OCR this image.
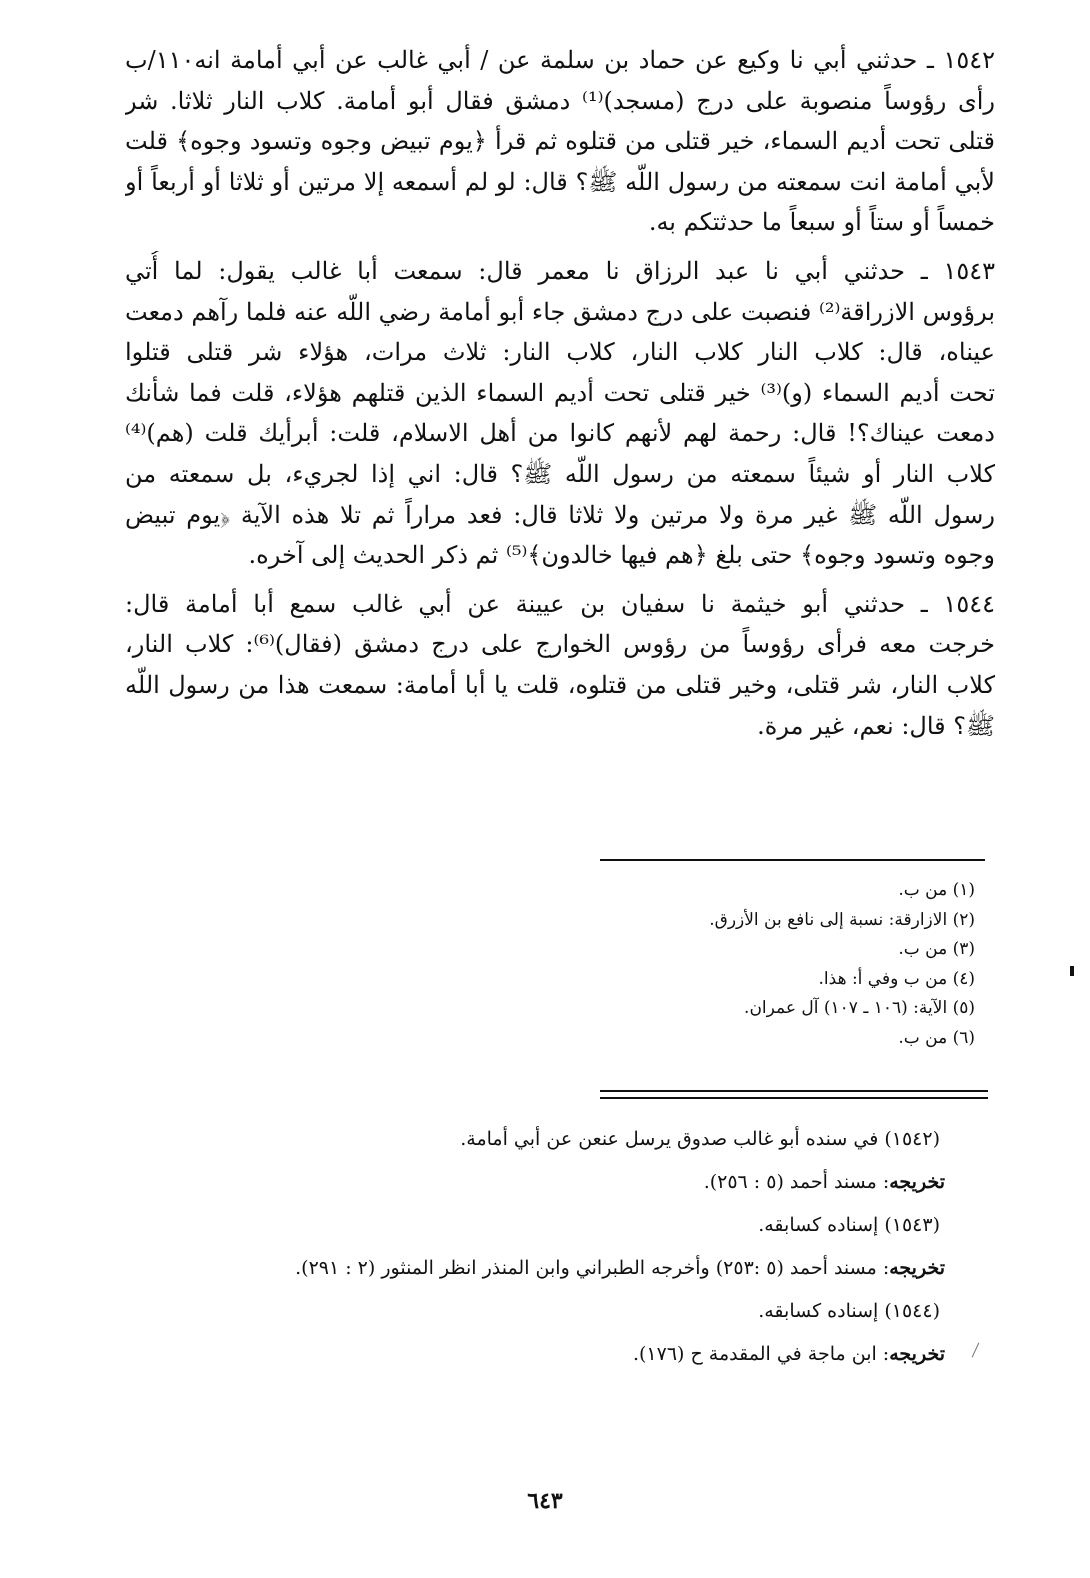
١٥٤٢ ـ حدثني أبي نا وكيع عن حماد بن سلمة عن / أبي غالب عن أبي أمامة انه١١٠/ب
رأى رؤوساً منصوبة على درج (مسجد)⁽¹⁾ دمشق فقال أبو أمامة. كلاب النار ثلاثا. شر
قتلى تحت أديم السماء، خير قتلى من قتلوه ثم قرأ ﴿يوم تبيض وجوه وتسود وجوه﴾ قلت
لأبي أمامة انت سمعته من رسول اللّه ﷺ؟ قال: لو لم أسمعه إلا مرتين أو ثلاثا أو أربعاً أو
خمساً أو ستاً أو سبعاً ما حدثتكم به.
١٥٤٣ ـ حدثني أبي نا عبد الرزاق نا معمر قال: سمعت أبا غالب يقول: لما أُتي
برؤوس الازراقة⁽²⁾ فنصبت على درج دمشق جاء أبو أمامة رضي اللّه عنه فلما رآهم دمعت
عيناه، قال: كلاب النار كلاب النار، كلاب النار: ثلاث مرات، هؤلاء شر قتلى قتلوا
تحت أديم السماء (و)⁽³⁾ خير قتلى تحت أديم السماء الذين قتلهم هؤلاء، قلت فما شأنك
دمعت عيناك؟! قال: رحمة لهم لأنهم كانوا من أهل الاسلام، قلت: أبرأيك قلت (هم)⁽⁴⁾
كلاب النار أو شيئاً سمعته من رسول اللّه ﷺ؟ قال: اني إذا لجريء، بل سمعته من
رسول اللّه ﷺ غير مرة ولا مرتين ولا ثلاثا قال: فعد مراراً ثم تلا هذه الآية ﴿يوم تبيض
وجوه وتسود وجوه﴾ حتى بلغ ﴿هم فيها خالدون﴾⁽⁵⁾ ثم ذكر الحديث إلى آخره.
١٥٤٤ ـ حدثني أبو خيثمة نا سفيان بن عيينة عن أبي غالب سمع أبا أمامة قال:
خرجت معه فرأى رؤوساً من رؤوس الخوارج على درج دمشق (فقال)⁽⁶⁾: كلاب النار،
كلاب النار، شر قتلى، وخير قتلى من قتلوه، قلت يا أبا أمامة: سمعت هذا من رسول اللّه
ﷺ؟ قال: نعم، غير مرة.
(١) من ب.
(٢) الازارقة: نسبة إلى نافع بن الأزرق.
(٣) من ب.
(٤) من ب وفي أ: هذا.
(٥) الآية: (١٠٦ ـ ١٠٧) آل عمران.
(٦) من ب.
(١٥٤٢) في سنده أبو غالب صدوق يرسل عنعن عن أبي أمامة.
تخريجه: مسند أحمد (٥ : ٢٥٦).
(١٥٤٣) إسناده كسابقه.
تخريجه: مسند أحمد (٥ :٢٥٣) وأخرجه الطبراني وابن المنذر انظر المنثور (٢ : ٢٩١).
(١٥٤٤) إسناده كسابقه.
تخريجه: ابن ماجة في المقدمة ح (١٧٦).
٦٤٣
